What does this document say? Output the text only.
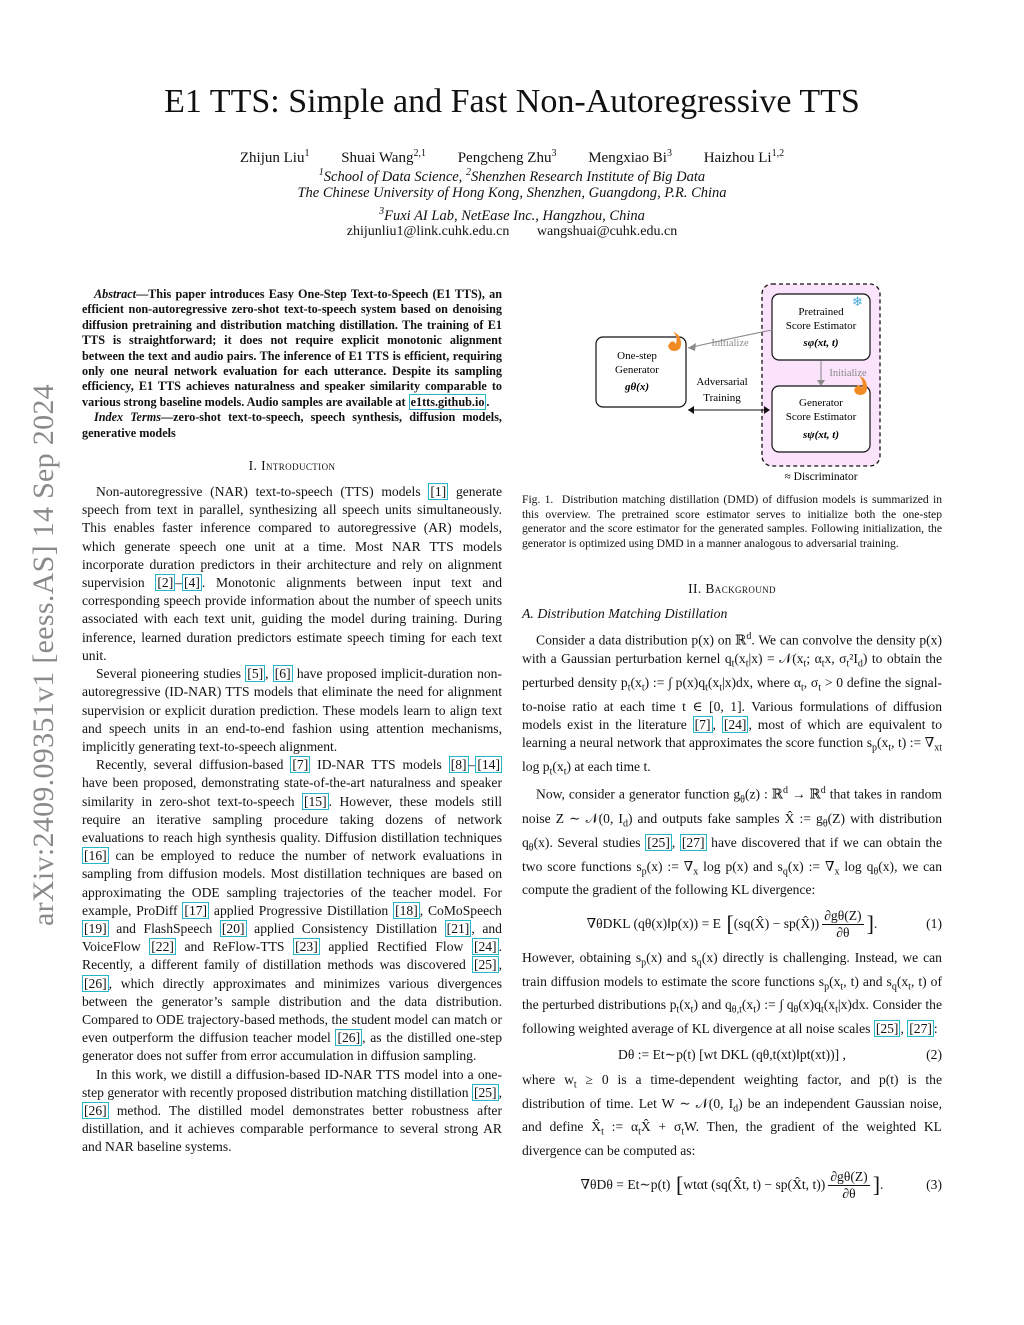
arXiv:2409.09351v1 [eess.AS] 14 Sep 2024
E1 TTS: Simple and Fast Non-Autoregressive TTS
Zhijun Liu$^1$ Shuai Wang$^{2,1}$ Pengcheng Zhu$^3$ Mengxiao Bi$^3$ Haizhou Li$^{1,2}$
$^1$School of Data Science, $^2$Shenzhen Research Institute of Big Data
The Chinese University of Hong Kong, Shenzhen, Guangdong, P.R. China
$^3$Fuxi AI Lab, NetEase Inc., Hangzhou, China
zhijunliu1@link.cuhk.edu.cn wangshuai@cuhk.edu.cn

Abstract—This paper introduces Easy One-Step Text-to-Speech (E1 TTS), an efficient non-autoregressive zero-shot text-to-speech system based on denoising diffusion pretraining and distribution matching distillation. The training of E1 TTS is straightforward; it does not require explicit monotonic alignment between the text and audio pairs. The inference of E1 TTS is efficient, requiring only one neural network evaluation for each utterance. Despite its sampling efficiency, E1 TTS achieves naturalness and speaker similarity comparable to various strong baseline models. Audio samples are available at e1tts.github.io .

Index Terms—zero-shot text-to-speech, speech synthesis, diffusion models, generative models

I. Introduction

Non-autoregressive (NAR) text-to-speech (TTS) models [1] generate speech from text in parallel, synthesizing all speech units simultaneously. This enables faster inference compared to autoregressive (AR) models, which generate speech one unit at a time. Most NAR TTS models incorporate duration predictors in their architecture and rely on alignment supervision [2] – [4] . Monotonic alignments between input text and corresponding speech provide information about the number of speech units associated with each text unit, guiding the model during training. During inference, learned duration predictors estimate speech timing for each text unit.

Several pioneering studies [5] , [6] have proposed implicit-duration non-autoregressive (ID-NAR) TTS models that eliminate the need for alignment supervision or explicit duration prediction. These models learn to align text and speech units in an end-to-end fashion using attention mechanisms, implicitly generating text-to-speech alignment.

Recently, several diffusion-based [7] ID-NAR TTS models [8] – [14] have been proposed, demonstrating state-of-the-art naturalness and speaker similarity in zero-shot text-to-speech [15] . However, these models still require an iterative sampling procedure taking dozens of network evaluations to reach high synthesis quality. Diffusion distillation techniques [16] can be employed to reduce the number of network evaluations in sampling from diffusion models. Most distillation techniques are based on approximating the ODE sampling trajectories of the teacher model. For example, ProDiff [17] applied Progressive Distillation [18] , CoMoSpeech [19] and FlashSpeech [20] applied Consistency Distillation [21] , and VoiceFlow [22] and ReFlow-TTS [23] applied Rectified Flow [24] . Recently, a different family of distillation methods was discovered [25] , [26] , which directly approximates and minimizes various divergences between the generator’s sample distribution and the data distribution. Compared to ODE trajectory-based methods, the student model can match or even outperform the diffusion teacher model [26] , as the distilled one-step generator does not suffer from error accumulation in diffusion sampling.

In this work, we distill a diffusion-based ID-NAR TTS model into a one-step generator with recently proposed distribution matching distillation [25] , [26] method. The distilled model demonstrates better robustness after distillation, and it achieves comparable performance to several strong AR and NAR baseline systems.

Pretrained
Score Estimator
sφ(xt, t)
❄
Generator
Score Estimator
sψ(xt, t)
One-step
Generator
gθ(x)
Initialize
Initialize
Adversarial
Training
≈ Discriminator

Fig. 1. Distribution matching distillation (DMD) of diffusion models is summarized in this overview. The pretrained score estimator serves to initialize both the one-step generator and the score estimator for the generated samples. Following initialization, the generator is optimized using DMD in a manner analogous to adversarial training.

II. Background

A. Distribution Matching Distillation

Consider a data distribution p(x) on ℝ$^d$. We can convolve the density p(x) with a Gaussian perturbation kernel $q_t(x_t|x)$ = $𝒩(x_t$; $\alpha_tx$, $\sigma_t^2I_d$) to obtain the perturbed density $p_t(x_t)$ := ∫ $p(x)q_t(x_t|x)dx$, where $\alpha_t$, $\sigma_t > 0$ define the signal-to-noise ratio at each time t ∈ [0, 1]. Various formulations of diffusion models exist in the literature [7] , [24] , most of which are equivalent to learning a neural network that approximates the score function $s_p(x_t$, t) := $\nabla_{xt}$ $\log p_t(x_t)$ at each time t.

Now, consider a generator function $g_\theta(z)$ : ℝ$^d$ → ℝ$^d$ that takes in random noise Z ∼ 𝒩(0, $I_d$) and outputs fake samples X̂ := $g_\theta(Z)$ with distribution $q_\theta(x)$. Several studies [25] , [27] have discovered that if we can obtain the two score functions $s_p(x)$ := $\nabla_x$ log p(x) and $s_q(x)$ := $\nabla_x$ $\log q_\theta(x)$, we can compute the gradient of the following KL divergence:

∇θDKL (qθ(x)‖p(x)) = E [ (sq(X̂) − sp(X̂)) $\frac{\partial g\theta(Z)}{\partial\theta}$ ] .	(1)

However, obtaining $s_p(x)$ and $s_q(x)$ directly is challenging. Instead, we can train diffusion models to estimate the score functions $s_p(x_t$, t) and $s_q(x_t$, t) of the perturbed distributions $p_t(x_t)$ and $q_{\theta,t}(x_t)$ := ∫ $q_\theta(x)q_t(x_t|x)dx$. Consider the following weighted average of KL divergence at all noise scales [25] , [27] :

Dθ := Et∼p(t) [wt DKL (qθ,t(xt)‖pt(xt))] ,	(2)

where $w_t \ge 0$ is a time-dependent weighting factor, and p(t) is the distribution of time. Let W ∼ 𝒩(0, $I_d$) be an independent Gaussian noise, and define $X̂_t$ := $\alpha_tX̂ + \sigma_tW$. Then, the gradient of the weighted KL divergence can be computed as:

∇θDθ = Et∼p(t) [ wtαt (sq(X̂t, t) − sp(X̂t, $t)) \frac{\partial g\theta(Z)}{\partial\theta}$ ] .	(3)
